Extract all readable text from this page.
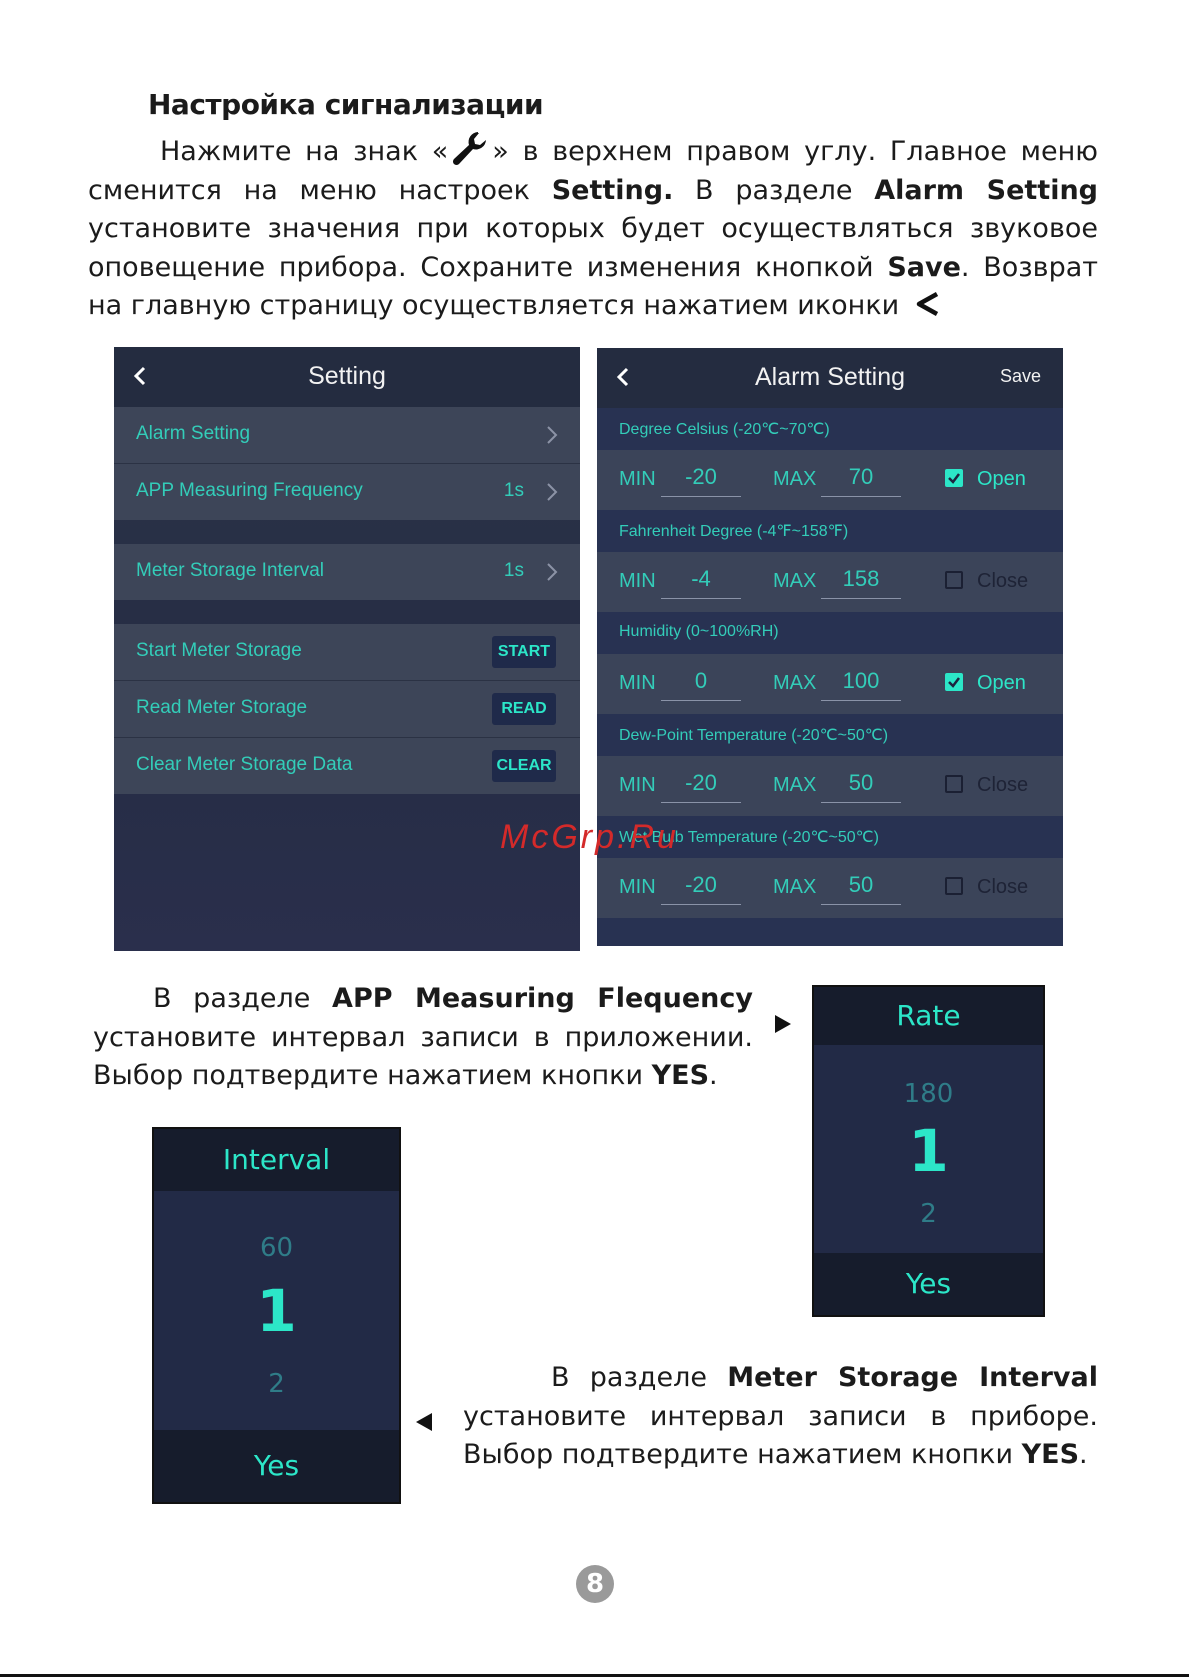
Настройка сигнализации
Нажмите на знак « » в верхнем правом углу. Главное меню сменится на меню настроек Setting. В разделе Alarm Setting установите значения при которых будет осуществляться звуковое оповещение прибора. Сохраните изменения кнопкой Save. Возврат на главную страницу осуществляется нажатием иконки
Setting
Alarm Setting
APP Measuring Frequency	1s
Meter Storage Interval	1s
Start Meter Storage	START
Read Meter Storage	READ
Clear Meter Storage Data	CLEAR
Alarm Setting	Save
Degree Celsius (-20℃~70℃)
MIN	-20	MAX	70	Open
Fahrenheit Degree (-4℉~158℉)
MIN	-4	MAX	158	Close
Humidity (0~100%RH)
MIN	0	MAX	100	Open
Dew-Point Temperature (-20℃~50℃)
MIN	-20	MAX	50	Close
Wet Bulb Temperature (-20℃~50℃)
MIN	-20	MAX	50	Close
McGrp.Ru
В разделе APP Measuring Flequency установите интервал записи в приложении. Выбор подтвердите нажатием кнопки YES.
Rate
180
1
2
Yes
Interval
60
1
2
Yes
В разделе Meter Storage Interval установите интервал записи в приборе. Выбор подтвердите нажатием кнопки YES.
8
